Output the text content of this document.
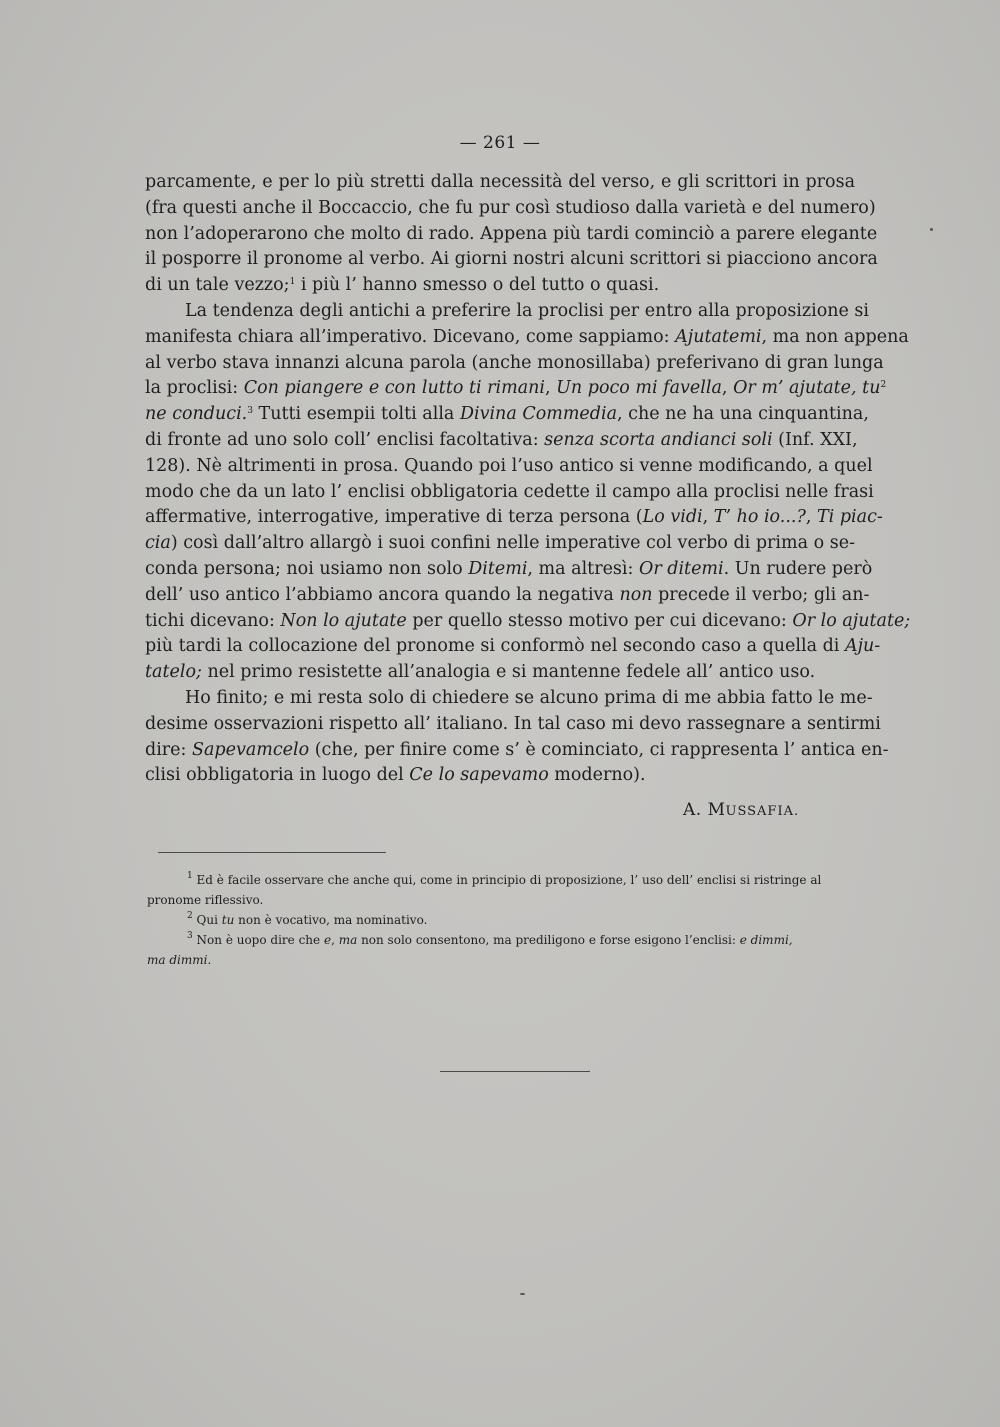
— 261 —

parcamente, e per lo più stretti dalla necessità del verso, e gli scrittori in prosa
(fra questi anche il Boccaccio, che fu pur così studioso dalla varietà e del numero)
non l’adoperarono che molto di rado. Appena più tardi cominciò a parere elegante
il posporre il pronome al verbo. Ai giorni nostri alcuni scrittori si piacciono ancora
di un tale vezzo;$^1$ i più l’ hanno smesso o del tutto o quasi.

La tendenza degli antichi a preferire la proclisi per entro alla proposizione si
manifesta chiara all’imperativo. Dicevano, come sappiamo: Ajutatemi, ma non appena
al verbo stava innanzi alcuna parola (anche monosillaba) preferivano di gran lunga
la proclisi: Con piangere e con lutto ti rimani, Un poco mi favella, Or m’ ajutate, $tu^2$
ne conduci.$^3$ Tutti esempii tolti alla Divina Commedia, che ne ha una cinquantina,
di fronte ad uno solo coll’ enclisi facoltativa: senza scorta andianci soli (Inf. XXI,
128). Nè altrimenti in prosa. Quando poi l’uso antico si venne modificando, a quel
modo che da un lato l’ enclisi obbligatoria cedette il campo alla proclisi nelle frasi
affermative, interrogative, imperative di terza persona (Lo vidi, T’ ho io...?, Ti piac-
cia) così dall’altro allargò i suoi confini nelle imperative col verbo di prima o se-
conda persona; noi usiamo non solo Ditemi, ma altresì: Or ditemi. Un rudere però
dell’ uso antico l’abbiamo ancora quando la negativa non precede il verbo; gli an-
tichi dicevano: Non lo ajutate per quello stesso motivo per cui dicevano: Or lo ajutate;
più tardi la collocazione del pronome si conformò nel secondo caso a quella di Aju-
tatelo; nel primo resistette all’analogia e si mantenne fedele all’ antico uso.

Ho finito; e mi resta solo di chiedere se alcuno prima di me abbia fatto le me-
desime osservazioni rispetto all’ italiano. In tal caso mi devo rassegnare a sentirmi
dire: Sapevamcelo (che, per finire come s’ è cominciato, ci rappresenta l’ antica en-
clisi obbligatoria in luogo del Ce lo sapevamo moderno).

A. MUSSAFIA.
$^1$ Ed è facile osservare che anche qui, come in principio di proposizione, l’ uso dell’ enclisi si ristringe al
pronome riflessivo.
$^2$ Qui tu non è vocativo, ma nominativo.
$^3$ Non è uopo dire che e, ma non solo consentono, ma prediligono e forse esigono l’enclisi: e dimmi,
ma dimmi.
